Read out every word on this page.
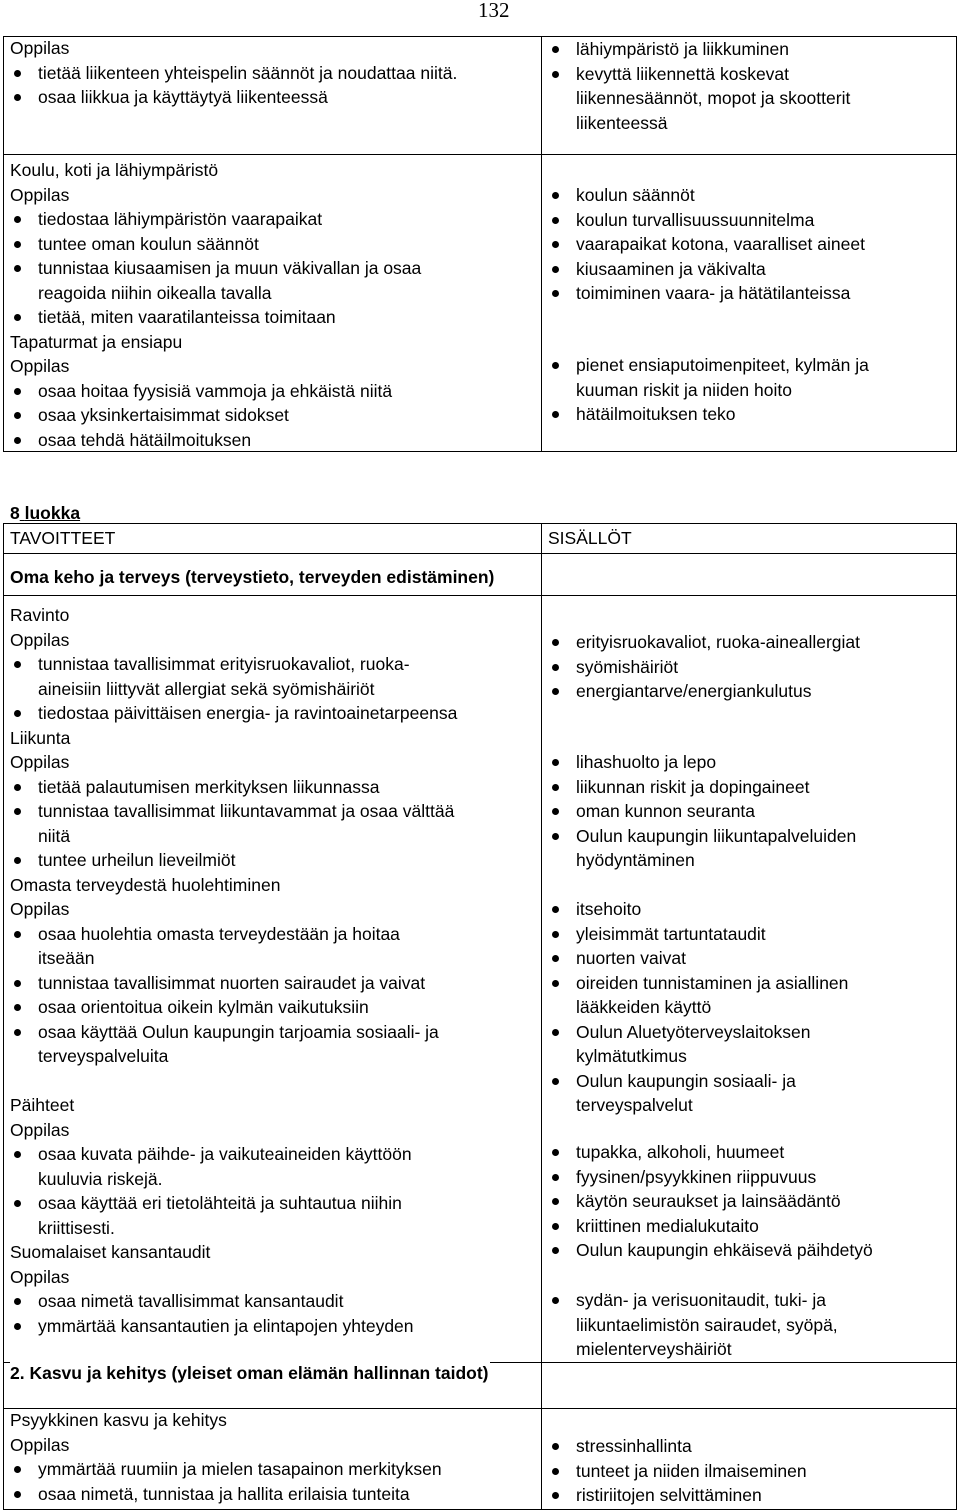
132
8 luokka
TAVOITTEET	SISÄLLÖT
Oma keho ja terveys (terveystieto, terveyden edistäminen)
2. Kasvu ja kehitys (yleiset oman elämän hallinnan taidot)
Oppilas
tietää liikenteen yhteispelin säännöt ja noudattaa niitä.
osaa liikkua ja käyttäytyä liikenteessä
lähiympäristö ja liikkuminen
kevyttä liikennettä koskevat
liikennesäännöt, mopot ja skootterit
liikenteessä
Koulu, koti ja lähiympäristö
Oppilas
tiedostaa lähiympäristön vaarapaikat
tuntee oman koulun säännöt
tunnistaa kiusaamisen ja muun väkivallan ja osaa
reagoida niihin oikealla tavalla
tietää, miten vaaratilanteissa toimitaan
Tapaturmat ja ensiapu
Oppilas
osaa hoitaa fyysisiä vammoja ja ehkäistä niitä
osaa yksinkertaisimmat sidokset
osaa tehdä hätäilmoituksen
koulun säännöt
koulun turvallisuussuunnitelma
vaarapaikat kotona, vaaralliset aineet
kiusaaminen ja väkivalta
toimiminen vaara- ja hätätilanteissa
pienet ensiaputoimenpiteet, kylmän ja
kuuman riskit ja niiden hoito
hätäilmoituksen teko
Ravinto
Oppilas
tunnistaa tavallisimmat erityisruokavaliot, ruoka-
aineisiin liittyvät allergiat sekä syömishäiriöt
tiedostaa päivittäisen energia- ja ravintoainetarpeensa
Liikunta
Oppilas
tietää palautumisen merkityksen liikunnassa
tunnistaa tavallisimmat liikuntavammat ja osaa välttää
niitä
tuntee urheilun lieveilmiöt
Omasta terveydestä huolehtiminen
Oppilas
osaa huolehtia omasta terveydestään ja hoitaa
itseään
tunnistaa tavallisimmat nuorten sairaudet ja vaivat
osaa orientoitua oikein kylmän vaikutuksiin
osaa käyttää Oulun kaupungin tarjoamia sosiaali- ja
terveyspalveluita
Päihteet
Oppilas
osaa kuvata päihde- ja vaikuteaineiden käyttöön
kuuluvia riskejä.
osaa käyttää eri tietolähteitä ja suhtautua niihin
kriittisesti.
Suomalaiset kansantaudit
Oppilas
osaa nimetä tavallisimmat kansantaudit
ymmärtää kansantautien ja elintapojen yhteyden
erityisruokavaliot, ruoka-aineallergiat
syömishäiriöt
energiantarve/energiankulutus
lihashuolto ja lepo
liikunnan riskit ja dopingaineet
oman kunnon seuranta
Oulun kaupungin liikuntapalveluiden
hyödyntäminen
itsehoito
yleisimmät tartuntataudit
nuorten vaivat
oireiden tunnistaminen ja asiallinen
lääkkeiden käyttö
Oulun Aluetyöterveyslaitoksen
kylmätutkimus
Oulun kaupungin sosiaali- ja
terveyspalvelut
tupakka, alkoholi, huumeet
fyysinen/psyykkinen riippuvuus
käytön seuraukset ja lainsäädäntö
kriittinen medialukutaito
Oulun kaupungin ehkäisevä päihdetyö
sydän- ja verisuonitaudit, tuki- ja
liikuntaelimistön sairaudet, syöpä,
mielenterveyshäiriöt
Psyykkinen kasvu ja kehitys
Oppilas
ymmärtää ruumiin ja mielen tasapainon merkityksen
osaa nimetä, tunnistaa ja hallita erilaisia tunteita
stressinhallinta
tunteet ja niiden ilmaiseminen
ristiriitojen selvittäminen
